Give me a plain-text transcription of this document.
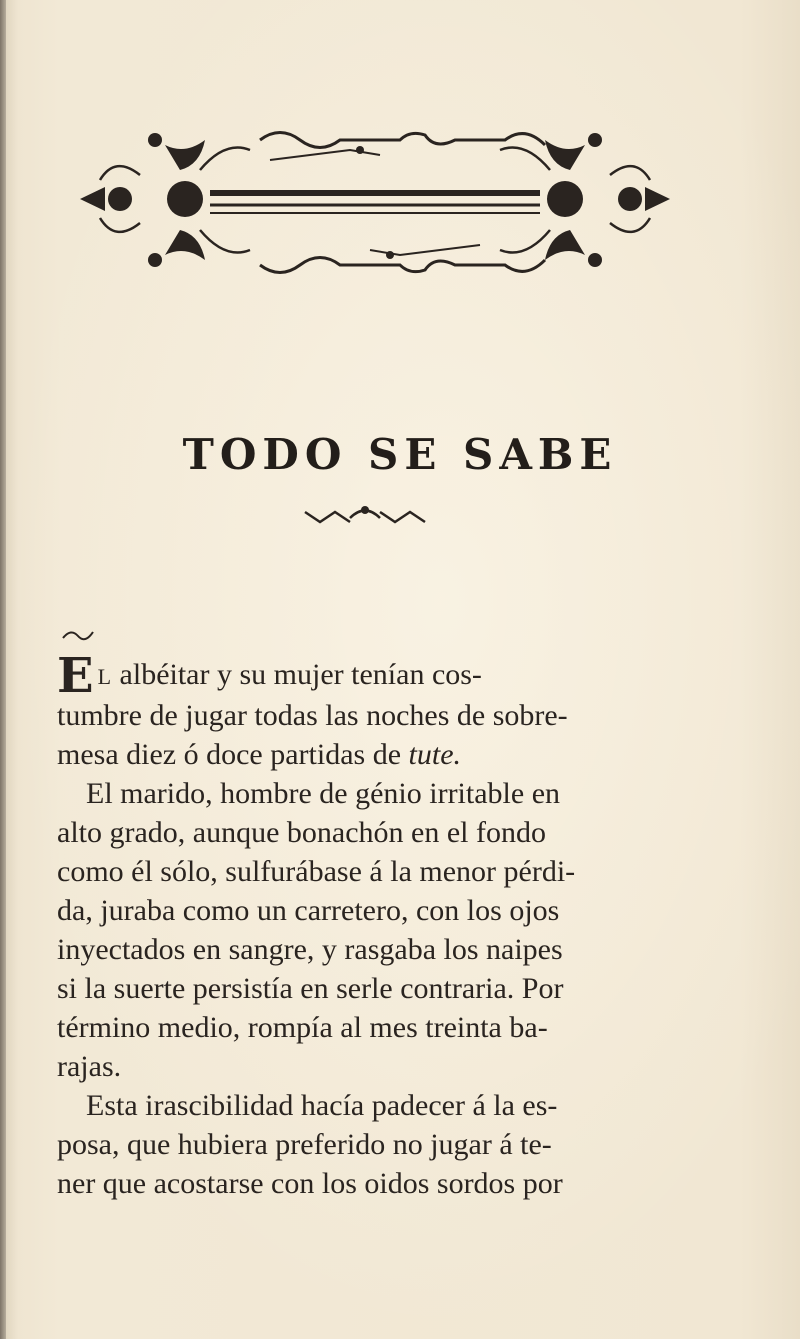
TODO SE SABE

E L albéitar y su mujer tenían cos-
tumbre de jugar todas las noches de sobre-
mesa diez ó doce partidas de tute.

El marido, hombre de génio irritable en
alto grado, aunque bonachón en el fondo
como él sólo, sulfurábase á la menor pérdi-
da, juraba como un carretero, con los ojos
inyectados en sangre, y rasgaba los naipes
si la suerte persistía en serle contraria. Por
término medio, rompía al mes treinta ba-
rajas.

Esta irascibilidad hacía padecer á la es-
posa, que hubiera preferido no jugar á te-
ner que acostarse con los oidos sordos por
